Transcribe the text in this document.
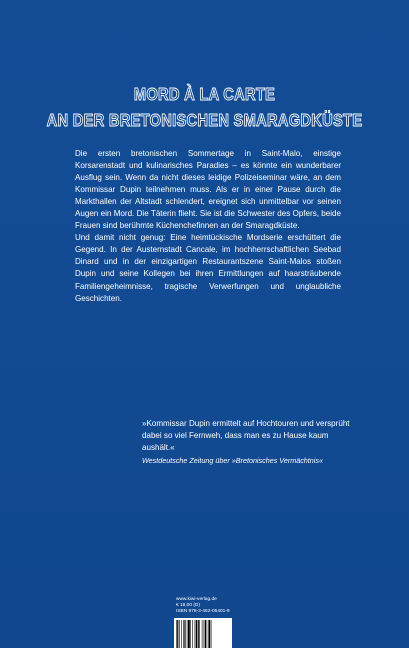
MORD À LA CARTE
AN DER BRETONISCHEN SMARAGDKÜSTE

Die ersten bretonischen Sommertage in Saint-Malo, einstige Korsarenstadt und kulinarisches Paradies – es könnte ein wunderbarer Ausflug sein. Wenn da nicht dieses leidige Polizeiseminar wäre, an dem Kommissar Dupin teilnehmen muss. Als er in einer Pause durch die Markthallen der Altstadt schlendert, ereignet sich unmittelbar vor seinen Augen ein Mord. Die Täterin flieht. Sie ist die Schwester des Opfers, beide Frauen sind berühmte Küchenchefinnen an der Smaragdküste.

Und damit nicht genug: Eine heimtückische Mordserie erschüttert die Gegend. In der Austernstadt Cancale, im hochherrschaftlichen Seebad Dinard und in der einzigartigen Restaurantszene Saint-Malos stoßen Dupin und seine Kollegen bei ihren Ermittlungen auf haarsträubende Familiengeheimnisse, tragische Verwerfungen und unglaubliche Geschichten.

»Kommissar Dupin ermittelt auf Hochtouren und versprüht dabei so viel Fernweh, dass man es zu Hause kaum aushält.«
Westdeutsche Zeitung über »Bretonisches Vermächtnis«
www.kiwi-verlag.de
€ 18,00 (D)
ISBN 978-3-462-05401-9
